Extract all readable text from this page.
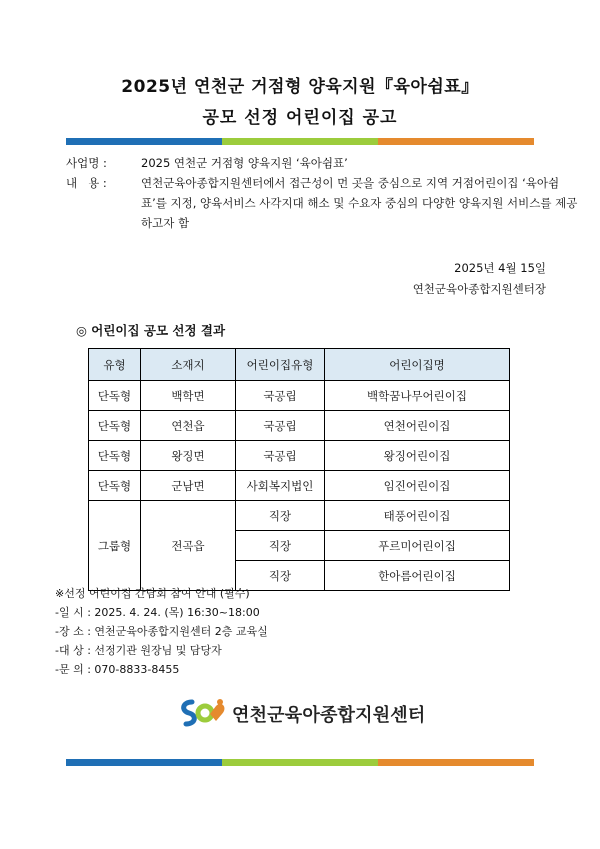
2025년 연천군 거점형 양육지원『육아쉼표』
공모 선정 어린이집 공고
사업명 :	2025 연천군 거점형 양육지원 ‘육아쉼표’
내   용 :	연천군육아종합지원센터에서 접근성이 먼 곳을 중심으로 지역 거점어린이집 ‘육아쉼표’를 지정, 양육서비스 사각지대 해소 및 수요자 중심의 다양한 양육지원 서비스를 제공하고자 함
2025년 4월 15일
연천군육아종합지원센터장
◎ 어린이집 공모 선정 결과
유형	소재지	어린이집유형	어린이집명
단독형	백학면	국공립	백학꿈나무어린이집
단독형	연천읍	국공립	연천어린이집
단독형	왕징면	국공립	왕징어린이집
단독형	군남면	사회복지법인	임진어린이집
그룹형	전곡읍	직장	태풍어린이집
		직장	푸르미어린이집
		직장	한아름어린이집
※선정 어린이집 간담회 참여 안내 (필수)
-일 시 : 2025. 4. 24. (목) 16:30~18:00
-장 소 : 연천군육아종합지원센터 2층 교육실
-대 상 : 선정기관 원장님 및 담당자
-문 의 : 070-8833-8455
연천군육아종합지원센터
